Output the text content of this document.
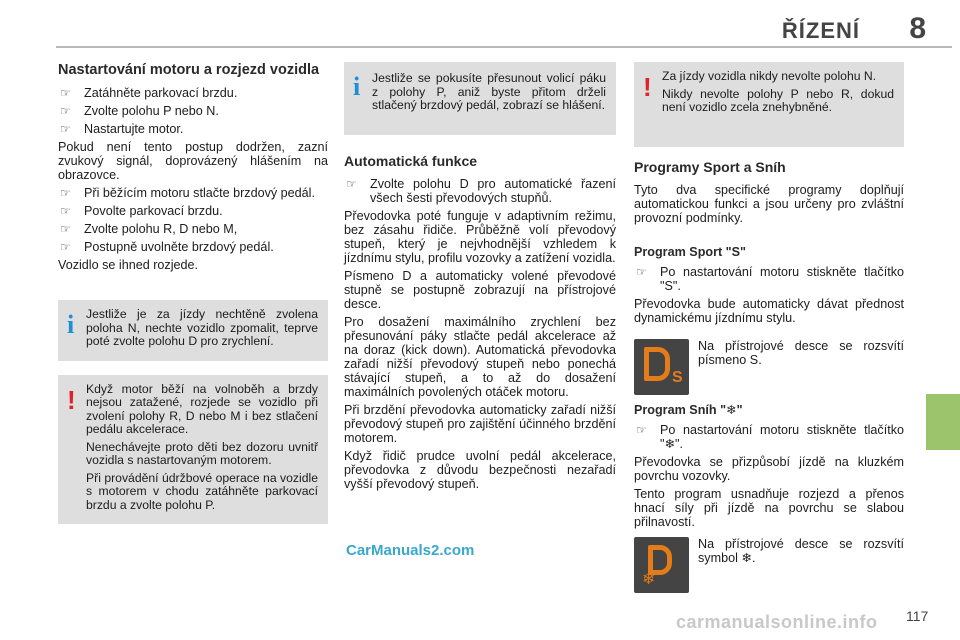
ŘÍZENÍ 8
Nastartování motoru a rozjezd vozidla
☞ Zatáhněte parkovací brzdu.
☞ Zvolte polohu P nebo N.
☞ Nastartujte motor.

Pokud není tento postup dodržen, zazní zvukový signál, doprovázený hlášením na obrazovce.

☞ Při běžícím motoru stlačte brzdový pedál.
☞ Povolte parkovací brzdu.
☞ Zvolte polohu R, D nebo M,
☞ Postupně uvolněte brzdový pedál.

Vozidlo se ihned rozjede.

i Jestliže je za jízdy nechtěně zvolena poloha N, nechte vozidlo zpomalit, teprve poté zvolte polohu D pro zrychlení.

! Když motor běží na volnoběh a brzdy nejsou zatažené, rozjede se vozidlo při zvolení polohy R, D nebo M i bez stlačení pedálu akcelerace.

Nenechávejte proto děti bez dozoru uvnitř vozidla s nastartovaným motorem.

Při provádění údržbové operace na vozidle s motorem v chodu zatáhněte parkovací brzdu a zvolte polohu P.

i Jestliže se pokusíte přesunout volicí páku z polohy P, aniž byste přitom drželi stlačený brzdový pedál, zobrazí se hlášení.

Automatická funkce
☞ Zvolte polohu D pro automatické řazení všech šesti převodových stupňů.

Převodovka poté funguje v adaptivním režimu, bez zásahu řidiče. Průběžně volí převodový stupeň, který je nejvhodnější vzhledem k jízdnímu stylu, profilu vozovky a zatížení vozidla.

Písmeno D a automaticky volené převodové stupně se postupně zobrazují na přístrojové desce.

Pro dosažení maximálního zrychlení bez přesunování páky stlačte pedál akcelerace až na doraz (kick down). Automatická převodovka zařadí nižší převodový stupeň nebo ponechá stávající stupeň, a to až do dosažení maximálních povolených otáček motoru.

Při brzdění převodovka automaticky zařadí nižší převodový stupeň pro zajištění účinného brzdění motorem.

Když řidič prudce uvolní pedál akcelerace, převodovka z důvodu bezpečnosti nezařadí vyšší převodový stupeň.

! Za jízdy vozidla nikdy nevolte polohu N.

Nikdy nevolte polohy P nebo R, dokud není vozidlo zcela znehybněné.

Programy Sport a Sníh

Tyto dva specifické programy doplňují automatickou funkci a jsou určeny pro zvláštní provozní podmínky.

Program Sport "S"
☞ Po nastartování motoru stiskněte tlačítko "S".

Převodovka bude automaticky dávat přednost dynamickému jízdnímu stylu.

S

Na přístrojové desce se rozsvítí písmeno S.

Program Sníh "❄"
☞ Po nastartování motoru stiskněte tlačítko "❄".

Převodovka se přizpůsobí jízdě na kluzkém povrchu vozovky.

Tento program usnadňuje rozjezd a přenos hnací síly při jízdě na povrchu se slabou přilnavostí.

❄

Na přístrojové desce se rozsvítí symbol ❄.

CarManuals2.com
carmanualsonline.info 117
